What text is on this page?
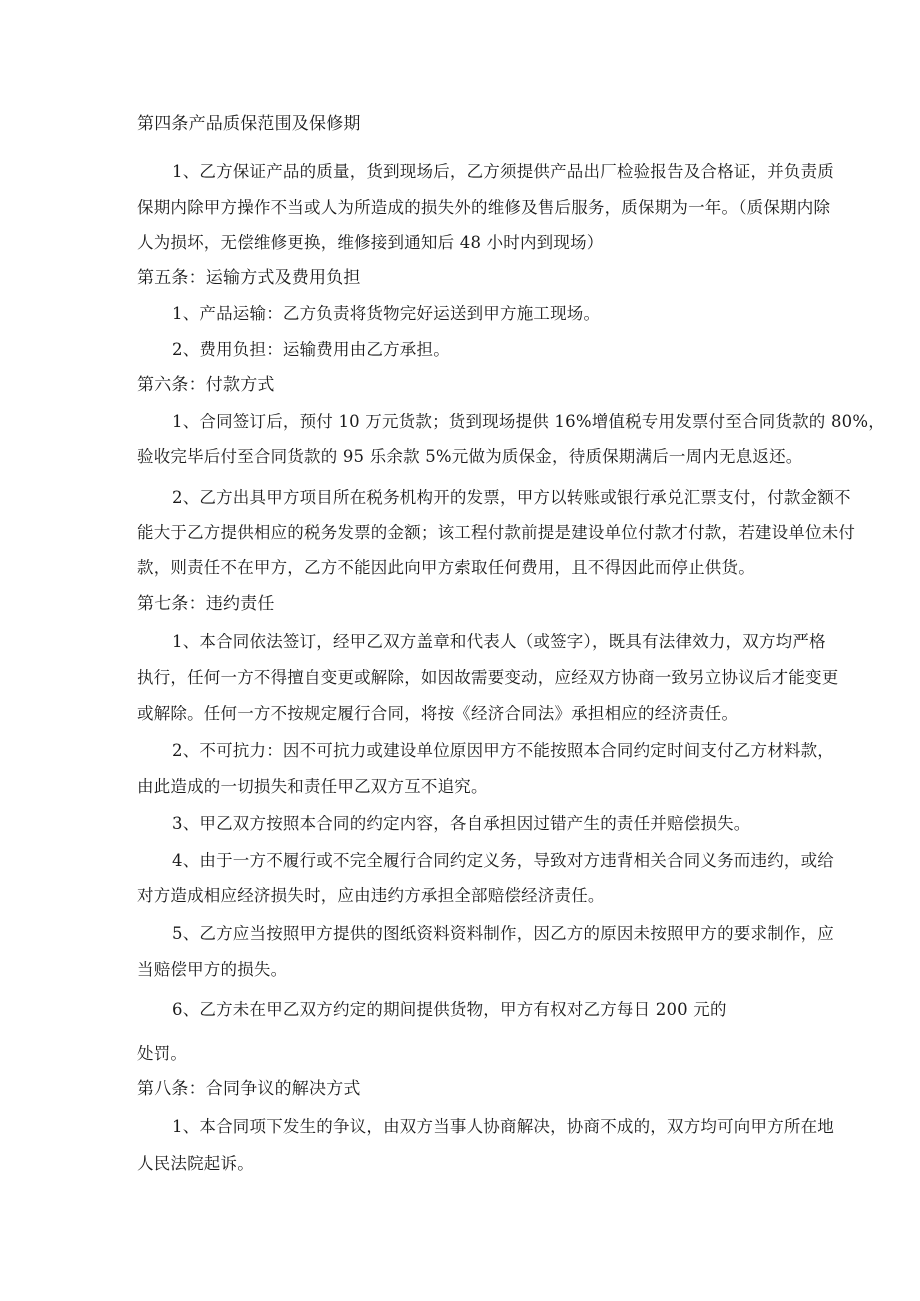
第四条产品质保范围及保修期
1、乙方保证产品的质量，货到现场后，乙方须提供产品出厂检验报告及合格证，并负责质
保期内除甲方操作不当或人为所造成的损失外的维修及售后服务，质保期为一年。（质保期内除
人为损坏，无偿维修更换，维修接到通知后 48 小时内到现场）
第五条：运输方式及费用负担
1、产品运输：乙方负责将货物完好运送到甲方施工现场。
2、费用负担：运输费用由乙方承担。
第六条：付款方式
1、合同签订后，预付 10 万元货款；货到现场提供 16%增值税专用发票付至合同货款的 80%，
验收完毕后付至合同货款的 95 乐余款 5%元做为质保金，待质保期满后一周内无息返还。
2、乙方出具甲方项目所在税务机构开的发票，甲方以转账或银行承兑汇票支付，付款金额不
能大于乙方提供相应的税务发票的金额；该工程付款前提是建设单位付款才付款，若建设单位未付
款，则责任不在甲方，乙方不能因此向甲方索取任何费用，且不得因此而停止供货。
第七条：违约责任
1、本合同依法签订，经甲乙双方盖章和代表人（或签字），既具有法律效力，双方均严格
执行，任何一方不得擅自变更或解除，如因故需要变动，应经双方协商一致另立协议后才能变更
或解除。任何一方不按规定履行合同，将按《经济合同法》承担相应的经济责任。
2、不可抗力：因不可抗力或建设单位原因甲方不能按照本合同约定时间支付乙方材料款，
由此造成的一切损失和责任甲乙双方互不追究。
3、甲乙双方按照本合同的约定内容，各自承担因过错产生的责任并赔偿损失。
4、由于一方不履行或不完全履行合同约定义务，导致对方违背相关合同义务而违约，或给
对方造成相应经济损失时，应由违约方承担全部赔偿经济责任。
5、乙方应当按照甲方提供的图纸资料资料制作，因乙方的原因未按照甲方的要求制作，应
当赔偿甲方的损失。
6、乙方未在甲乙双方约定的期间提供货物，甲方有权对乙方每日 200 元的
处罚。
第八条：合同争议的解决方式
1、本合同项下发生的争议，由双方当事人协商解决，协商不成的，双方均可向甲方所在地
人民法院起诉。
